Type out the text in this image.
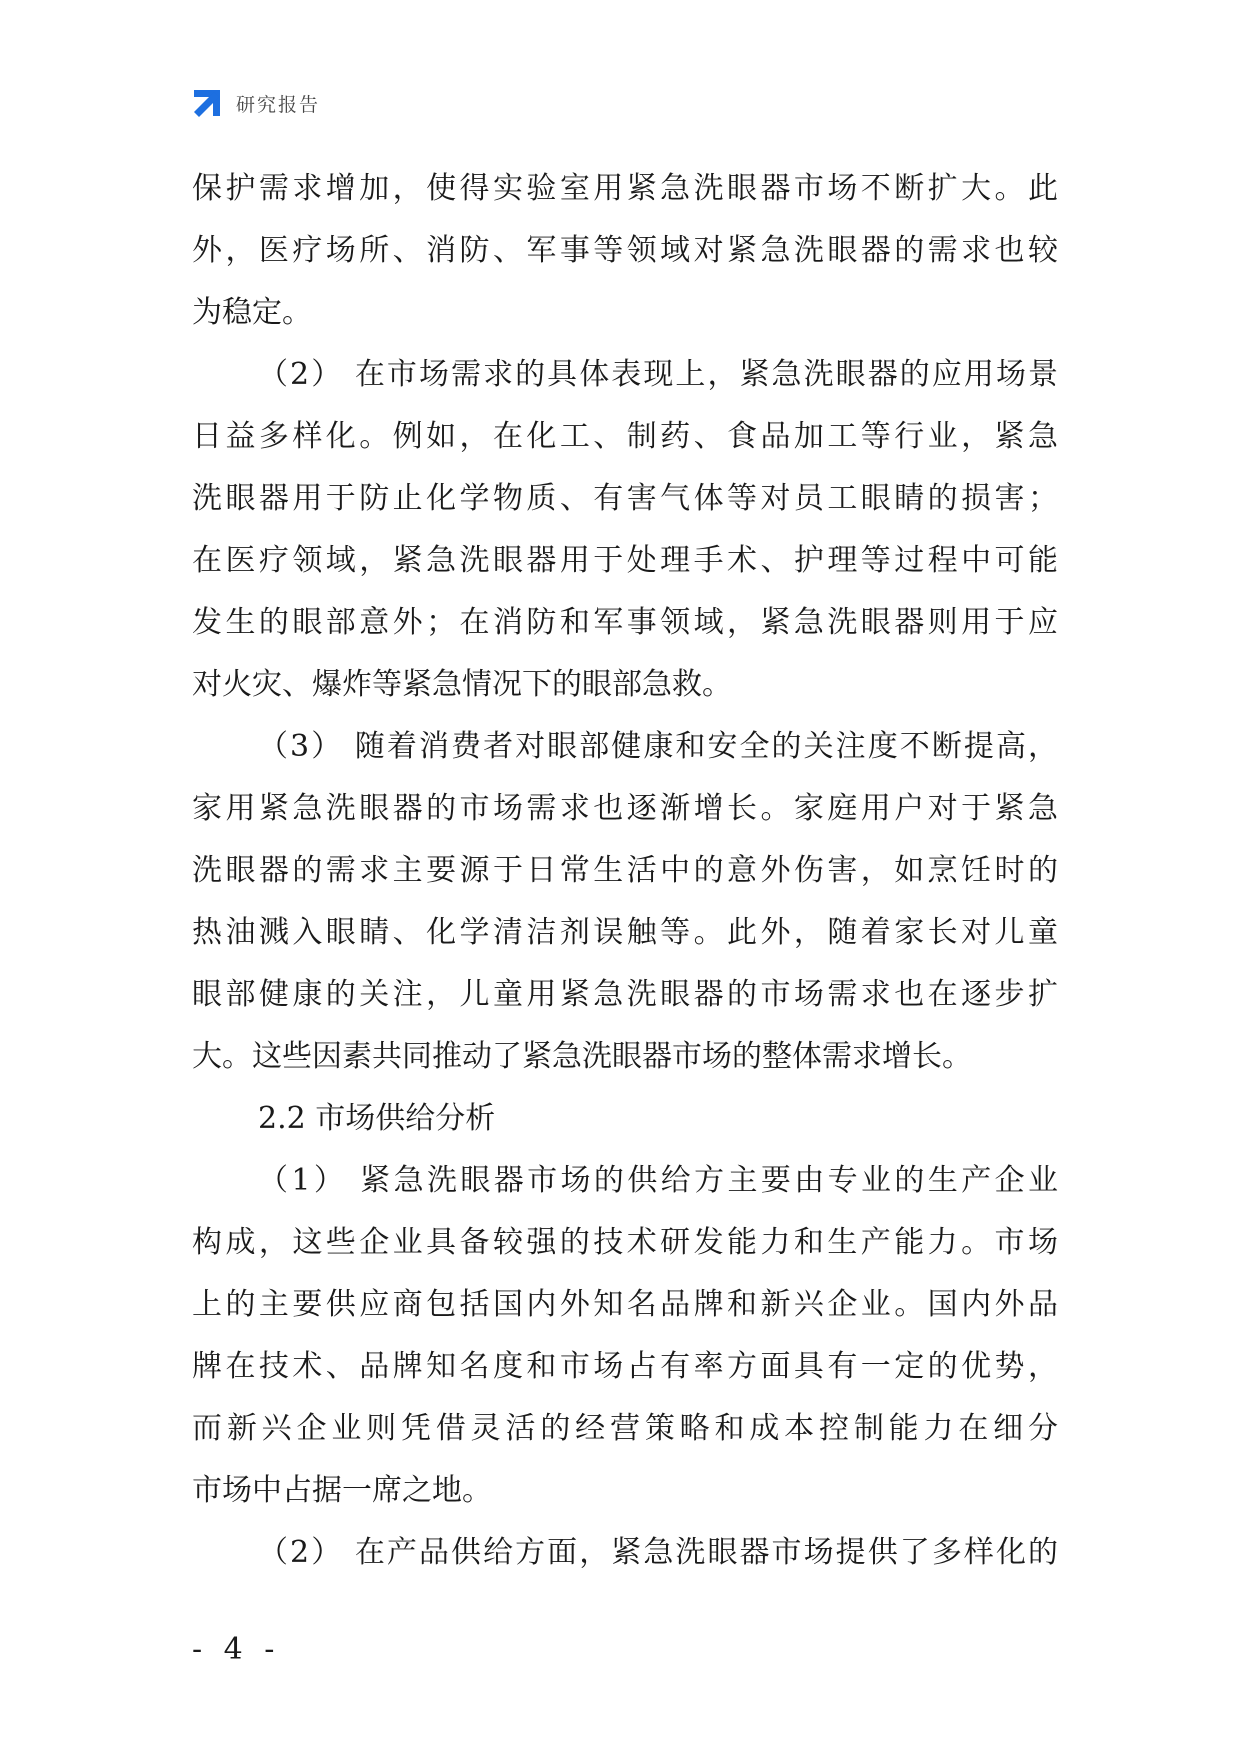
研究报告
保护需求增加，使得实验室用紧急洗眼器市场不断扩大。此
外，医疗场所、消防、军事等领域对紧急洗眼器的需求也较
为稳定。
（2） 在市场需求的具体表现上，紧急洗眼器的应用场景
日益多样化。例如，在化工、制药、食品加工等行业，紧急
洗眼器用于防止化学物质、有害气体等对员工眼睛的损害；
在医疗领域，紧急洗眼器用于处理手术、护理等过程中可能
发生的眼部意外；在消防和军事领域，紧急洗眼器则用于应
对火灾、爆炸等紧急情况下的眼部急救。
（3） 随着消费者对眼部健康和安全的关注度不断提高，
家用紧急洗眼器的市场需求也逐渐增长。家庭用户对于紧急
洗眼器的需求主要源于日常生活中的意外伤害，如烹饪时的
热油溅入眼睛、化学清洁剂误触等。此外，随着家长对儿童
眼部健康的关注，儿童用紧急洗眼器的市场需求也在逐步扩
大。这些因素共同推动了紧急洗眼器市场的整体需求增长。
2.2 市场供给分析
（1） 紧急洗眼器市场的供给方主要由专业的生产企业
构成，这些企业具备较强的技术研发能力和生产能力。市场
上的主要供应商包括国内外知名品牌和新兴企业。国内外品
牌在技术、品牌知名度和市场占有率方面具有一定的优势，
而新兴企业则凭借灵活的经营策略和成本控制能力在细分
市场中占据一席之地。
（2） 在产品供给方面，紧急洗眼器市场提供了多样化的
- 4 -
